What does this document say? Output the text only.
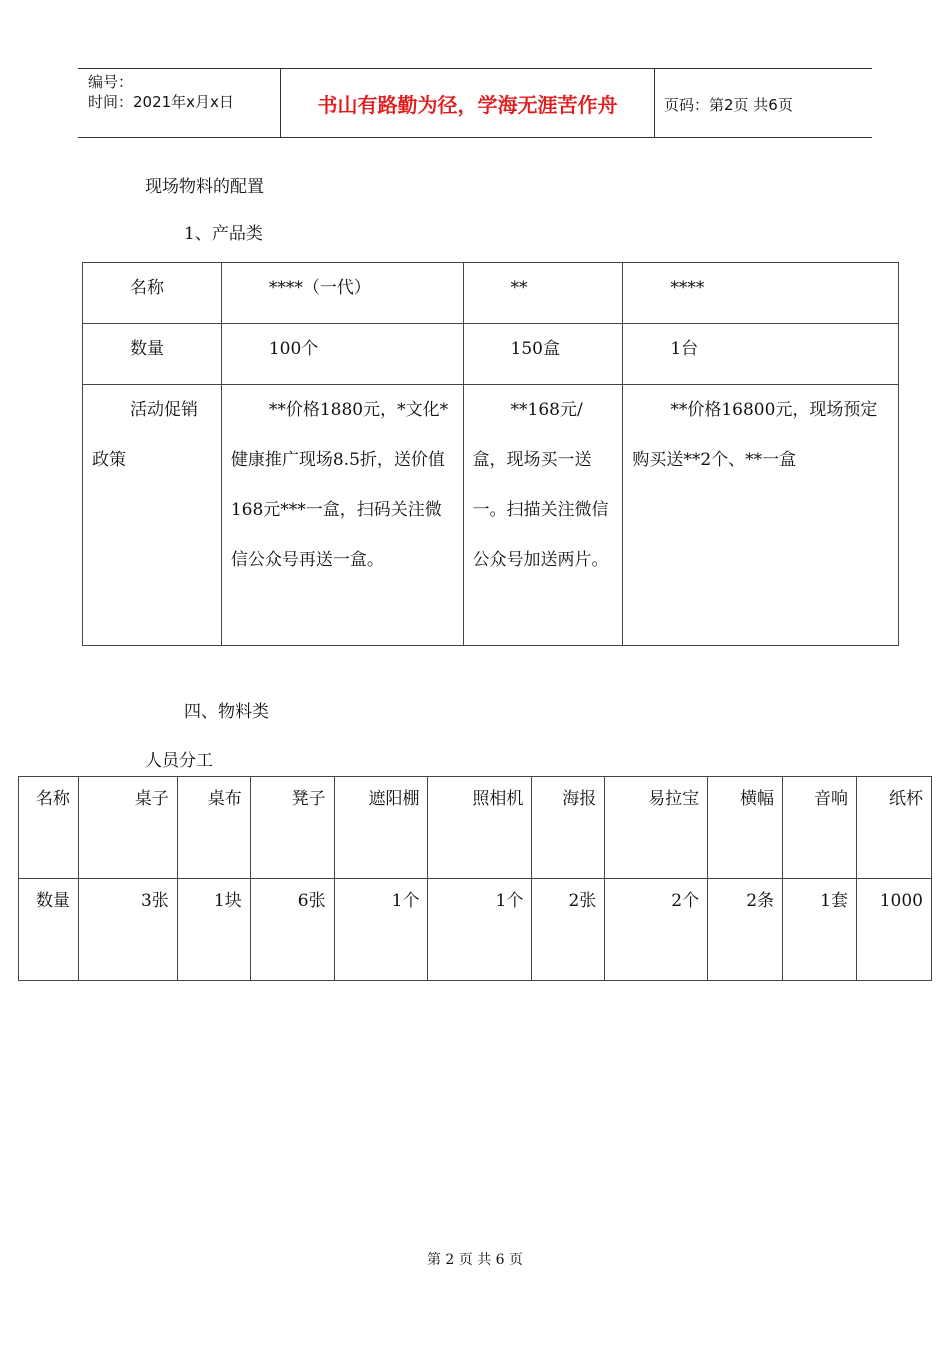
编号：
时间：2021年x月x日	书山有路勤为径，学海无涯苦作舟	页码：第2页 共6页
现场物料的配置
1、产品类
名称	****（一代）	**	****

数量	100个	150盒	1台

活动促销政策	**价格1880元，*文化*健康推广现场8.5折，送价值168元***一盒，扫码关注微信公众号再送一盒。	**168元/盒，现场买一送一。扫描关注微信公众号加送两片。	**价格16800元，现场预定购买送**2个、**一盒
四、物料类
人员分工
名称	桌子	桌布	凳子	遮阳棚	照相机	海报	易拉宝	横幅	音响	纸杯

数量	3张	1块	6张	1个	1个	2张	2个	2条	1套	1000
第 2 页 共 6 页
